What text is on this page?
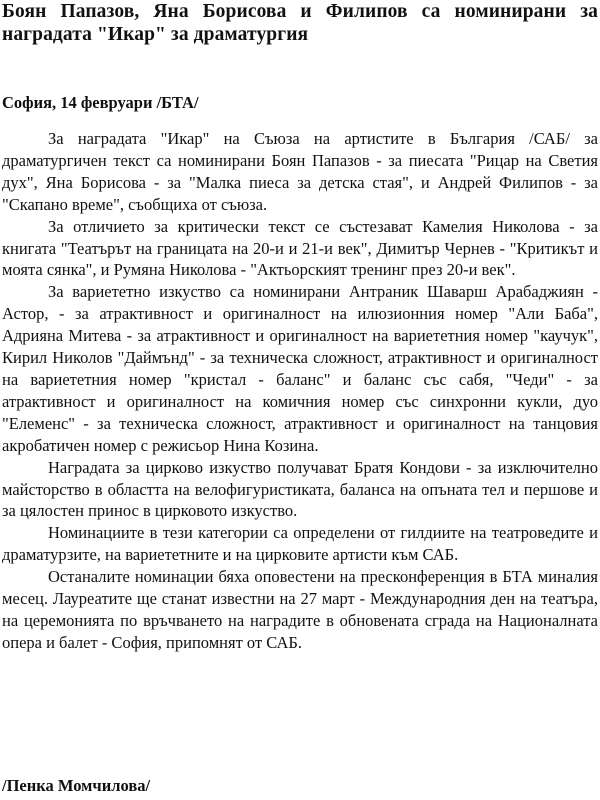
Боян Папазов, Яна Борисова и Филипов са номинирани за наградата "Икар" за драматургия
София, 14 февруари /БТА/

За наградата "Икар" на Съюза на артистите в България /САБ/ за драматургичен текст са номинирани Боян Папазов - за пиесата "Рицар на Светия дух", Яна Борисова - за "Малка пиеса за детска стая", и Андрей Филипов - за "Скапано време", съобщиха от съюза.

За отличието за критически текст се състезават Камелия Николова - за книгата "Театърът на границата на 20-и и 21-и век", Димитър Чернев - "Критикът и моята сянка", и Румяна Николова - "Актьорският тренинг през 20-и век".

За вариететно изкуство са номинирани Антраник Шаварш Арабаджиян - Астор, - за атрактивност и оригиналност на илюзионния номер "Али Баба", Адрияна Митева - за атрактивност и оригиналност на вариететния номер "каучук", Кирил Николов "Даймънд" - за техническа сложност, атрактивност и оригиналност на вариететния номер "кристал - баланс" и баланс със сабя, "Чеди" - за атрактивност и оригиналност на комичния номер със синхронни кукли, дуо "Елеменс" - за техническа сложност, атрактивност и оригиналност на танцовия акробатичен номер с режисьор Нина Козина.

Наградата за цирково изкуство получават Братя Кондови - за изключително майсторство в областта на велофигуристиката, баланса на опъната тел и першове и за цялостен принос в цирковото изкуство.

Номинациите в тези категории са определени от гилдиите на театроведите и драматурзите, на вариететните и на цирковите артисти към САБ.

Останалите номинации бяха оповестени на пресконференция в БТА миналия месец. Лауреатите ще станат известни на 27 март - Международния ден на театъра, на церемонията по връчването на наградите в обновената сграда на Националната опера и балет - София, припомнят от САБ.

/Пенка Момчилова/
